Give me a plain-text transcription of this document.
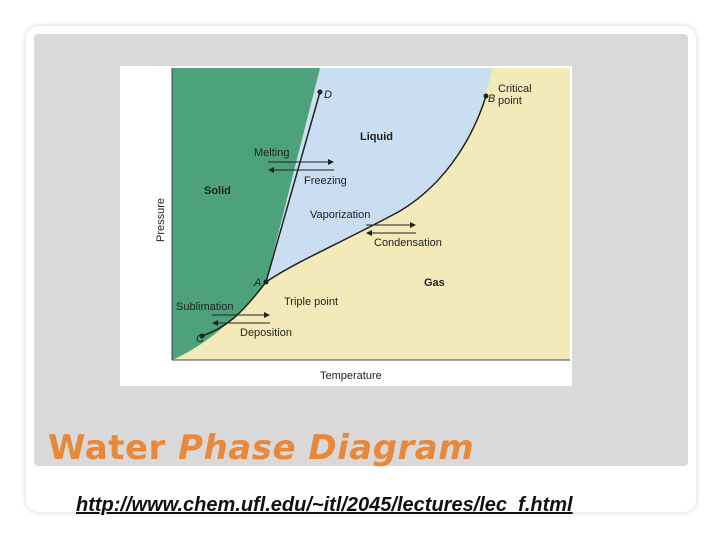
Solid
Liquid
Gas
D	B
Critical
point
A
Triple point
C
Melting
Freezing
Vaporization
Condensation
Sublimation
Deposition
Temperature
Pressure
Water Phase Diagram
http://www.chem.ufl.edu/~itl/2045/lectures/lec_f.html
